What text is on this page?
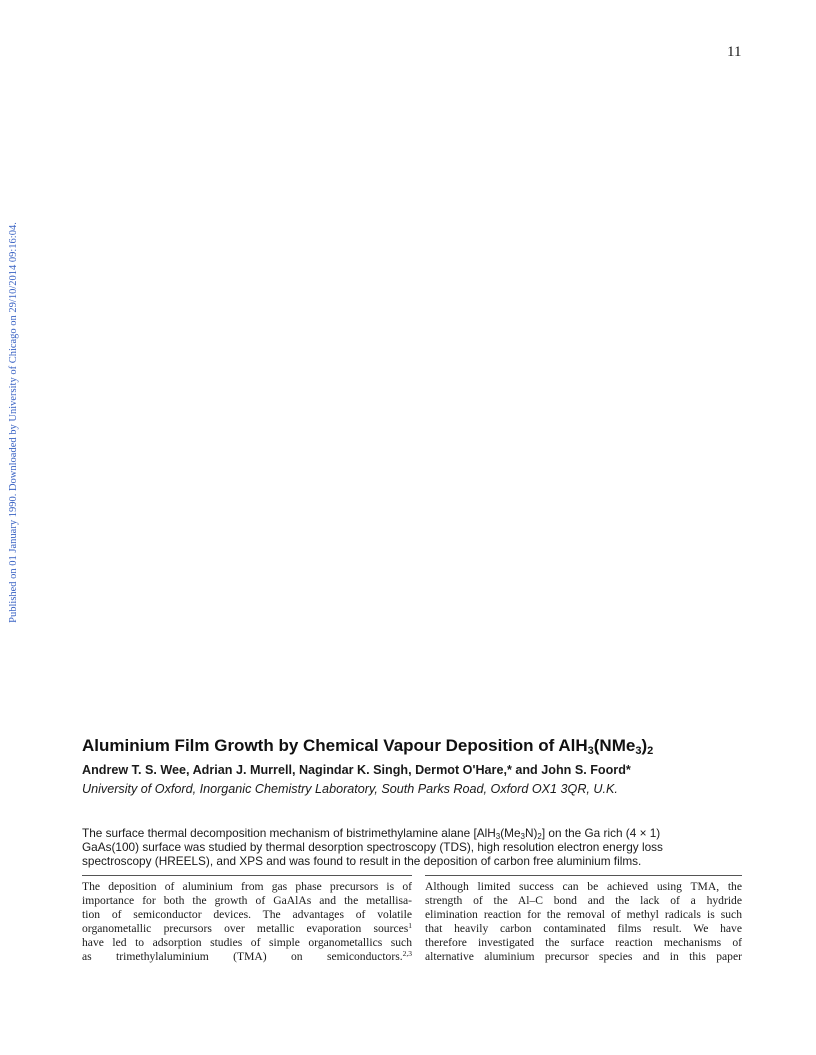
11
Published on 01 January 1990. Downloaded by University of Chicago on 29/10/2014 09:16:04.
Aluminium Film Growth by Chemical Vapour Deposition of $AlH_3(NMe_3)_2$
Andrew T. S. Wee, Adrian J. Murrell, Nagindar K. Singh, Dermot O'Hare,* and John S. Foord*
University of Oxford, Inorganic Chemistry Laboratory, South Parks Road, Oxford OX1 3QR, U.K.
The surface thermal decomposition mechanism of bistrimethylamine alane $[AlH_3(Me_3N)_2]$ on the Ga rich (4 × 1)
GaAs(100) surface was studied by thermal desorption spectroscopy (TDS), high resolution electron energy loss
spectroscopy (HREELS), and XPS and was found to result in the deposition of carbon free aluminium films.
The deposition of aluminium from gas phase precursors is of
importance for both the growth of GaAlAs and the metallisa-
tion of semiconductor devices. The advantages of volatile
organometallic precursors over metallic evaporation sources$^1$
have led to adsorption studies of simple organometallics such
as trimethylaluminium (TMA) on semiconductors.$^{2,3}$
Although limited success can be achieved using TMA, the
strength of the Al–C bond and the lack of a hydride
elimination reaction for the removal of methyl radicals is such
that heavily carbon contaminated films result. We have
therefore investigated the surface reaction mechanisms of
alternative aluminium precursor species and in this paper
